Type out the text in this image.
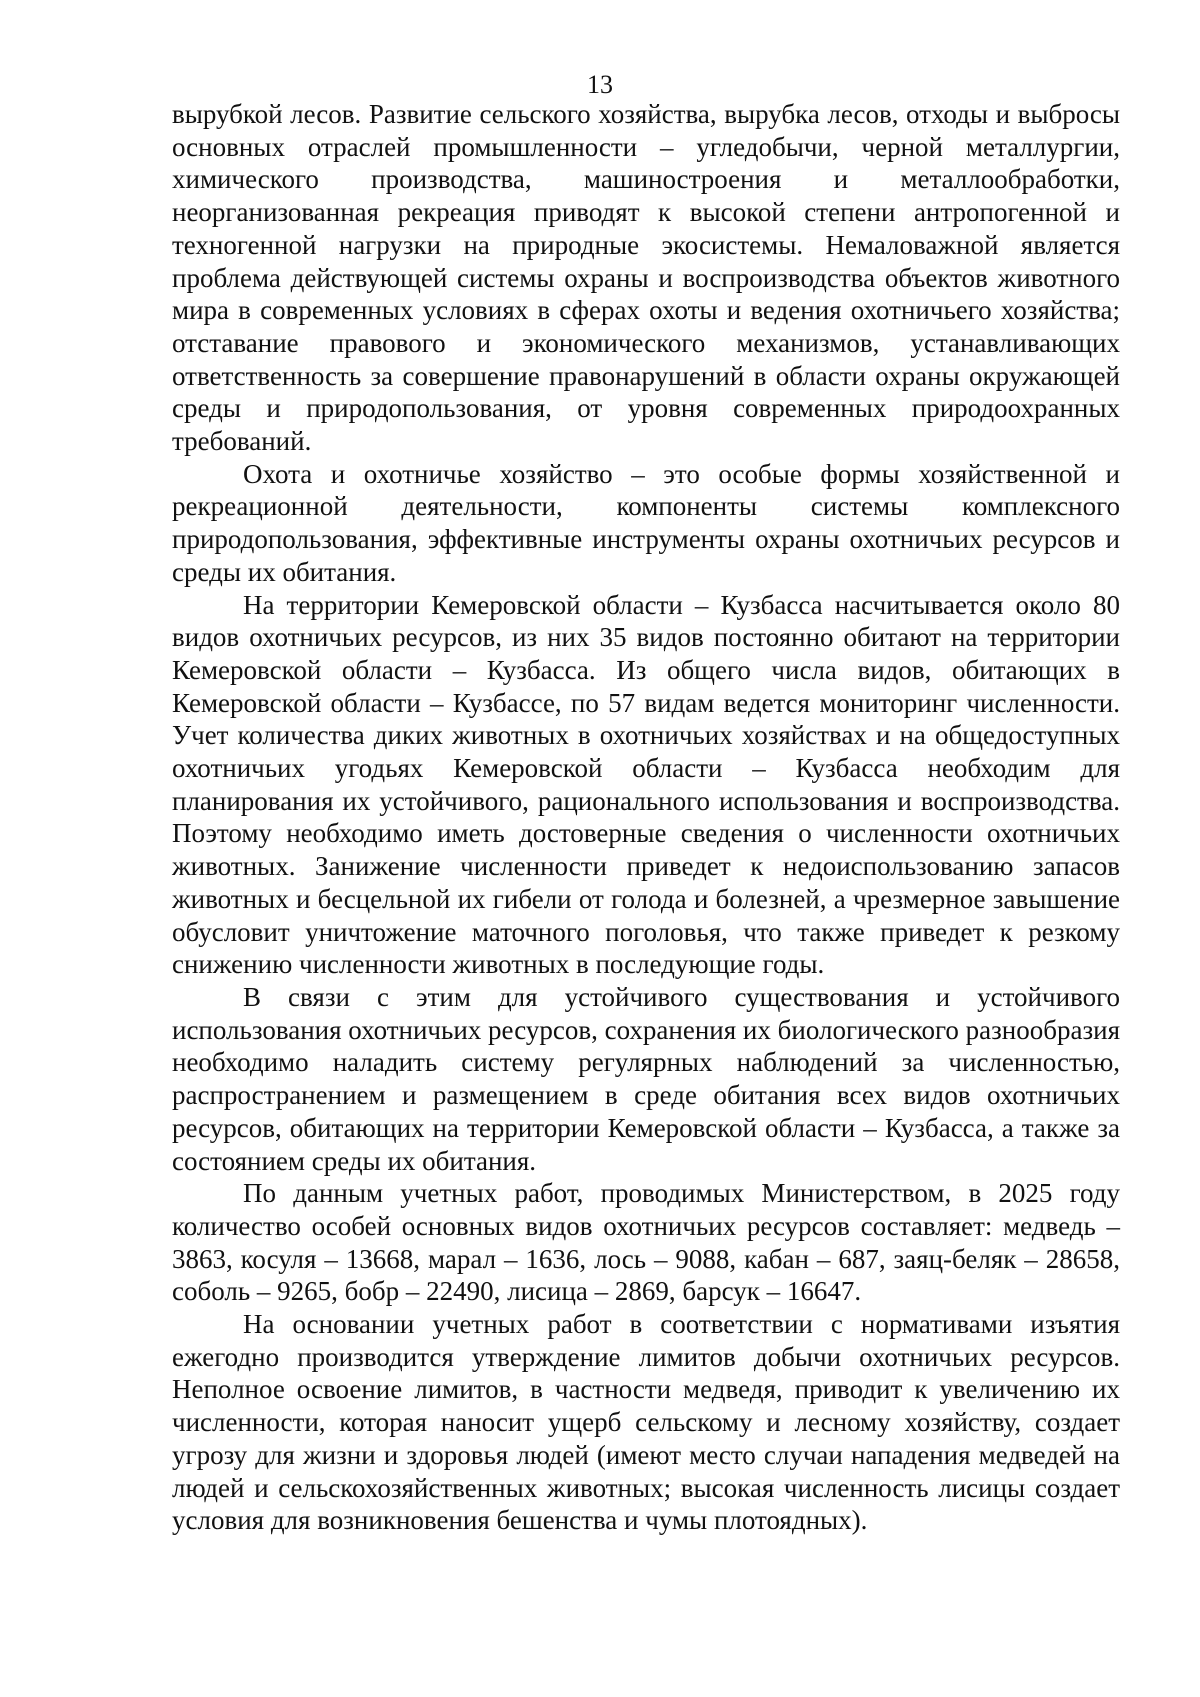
13

вырубкой лесов. Развитие сельского хозяйства, вырубка лесов, отходы и выбросы основных отраслей промышленности – угледобычи, черной металлургии, химического производства, машиностроения и металлообработки, неорганизованная рекреация приводят к высокой степени антропогенной и техногенной нагрузки на природные экосистемы. Немаловажной является проблема действующей системы охраны и воспроизводства объектов животного мира в современных условиях в сферах охоты и ведения охотничьего хозяйства; отставание правового и экономического механизмов, устанавливающих ответственность за совершение правонарушений в области охраны окружающей среды и природопользования, от уровня современных природоохранных требований.

Охота и охотничье хозяйство – это особые формы хозяйственной и рекреационной деятельности, компоненты системы комплексного природопользования, эффективные инструменты охраны охотничьих ресурсов и среды их обитания.

На территории Кемеровской области – Кузбасса насчитывается около 80 видов охотничьих ресурсов, из них 35 видов постоянно обитают на территории Кемеровской области – Кузбасса. Из общего числа видов, обитающих в Кемеровской области – Кузбассе, по 57 видам ведется мониторинг численности. Учет количества диких животных в охотничьих хозяйствах и на общедоступных охотничьих угодьях Кемеровской области – Кузбасса необходим для планирования их устойчивого, рационального использования и воспроизводства. Поэтому необходимо иметь достоверные сведения о численности охотничьих животных. Занижение численности приведет к недоиспользованию запасов животных и бесцельной их гибели от голода и болезней, а чрезмерное завышение обусловит уничтожение маточного поголовья, что также приведет к резкому снижению численности животных в последующие годы.

В связи с этим для устойчивого существования и устойчивого использования охотничьих ресурсов, сохранения их биологического разнообразия необходимо наладить систему регулярных наблюдений за численностью, распространением и размещением в среде обитания всех видов охотничьих ресурсов, обитающих на территории Кемеровской области – Кузбасса, а также за состоянием среды их обитания.

По данным учетных работ, проводимых Министерством, в 2025 году количество особей основных видов охотничьих ресурсов составляет: медведь – 3863, косуля – 13668, марал – 1636, лось – 9088, кабан – 687, заяц-беляк – 28658, соболь – 9265, бобр – 22490, лисица – 2869, барсук – 16647.

На основании учетных работ в соответствии с нормативами изъятия ежегодно производится утверждение лимитов добычи охотничьих ресурсов. Неполное освоение лимитов, в частности медведя, приводит к увеличению их численности, которая наносит ущерб сельскому и лесному хозяйству, создает угрозу для жизни и здоровья людей (имеют место случаи нападения медведей на людей и сельскохозяйственных животных; высокая численность лисицы создает условия для возникновения бешенства и чумы плотоядных).
